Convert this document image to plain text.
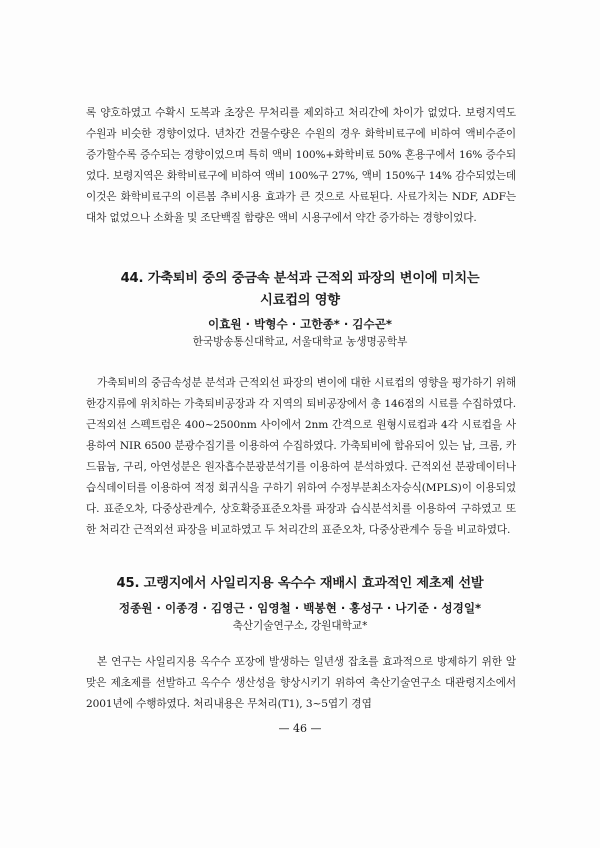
록 양호하였고 수확시 도복과 초장은 무처리를 제외하고 처리간에 차이가 없었다. 보령지역도 수원과 비슷한 경향이었다. 년차간 건물수량은 수원의 경우 화학비료구에 비하여 액비수준이 증가할수록 증수되는 경향이었으며 특히 액비 100%+화학비료 50% 혼용구에서 16% 증수되었다. 보령지역은 화학비료구에 비하여 액비 100%구 27%, 액비 150%구 14% 감수되었는데 이것은 화학비료구의 이른봄 추비시용 효과가 큰 것으로 사료된다. 사료가치는 NDF, ADF는 대차 없었으나 소화율 및 조단백질 함량은 액비 시용구에서 약간 증가하는 경향이었다.

44. 가축퇴비 중의 중금속 분석과 근적외 파장의 변이에 미치는
시료컵의 영향
이효원 · 박형수 · 고한종* · 김수곤*
한국방송통신대학교, 서울대학교 농생명공학부

가축퇴비의 중금속성분 분석과 근적외선 파장의 변이에 대한 시료컵의 영향을 평가하기 위해 한강지류에 위치하는 가축퇴비공장과 각 지역의 퇴비공장에서 총 146점의 시료를 수집하였다. 근적외선 스펙트럼은 400~2500nm 사이에서 2nm 간격으로 원형시료컵과 4각 시료컵을 사용하여 NIR 6500 분광수집기를 이용하여 수집하였다. 가축퇴비에 함유되어 있는 납, 크롬, 카드뮴늄, 구리, 아연성분은 원자흡수분광분석기를 이용하여 분석하였다. 근적외선 분광데이터나 습식데이터를 이용하여 적정 회귀식을 구하기 위하여 수정부분최소자승식(MPLS)이 이용되었다. 표준오차, 다중상관계수, 상호확증표준오차를 파장과 습식분석치를 이용하여 구하였고 또한 처리간 근적외선 파장을 비교하였고 두 처리간의 표준오차, 다중상관계수 등을 비교하였다.

45. 고랭지에서 사일리지용 옥수수 재배시 효과적인 제초제 선발
정종원 · 이종경 · 김영근 · 임영철 · 백봉현 · 홍성구 · 나기준 · 성경일*
축산기술연구소, 강원대학교*

본 연구는 사일리지용 옥수수 포장에 발생하는 일년생 잡초를 효과적으로 방제하기 위한 알맞은 제초제를 선발하고 옥수수 생산성을 향상시키기 위하여 축산기술연구소 대관령지소에서 2001년에 수행하였다. 처리내용은 무처리(T1), 3~5엽기 경엽

— 46 —
